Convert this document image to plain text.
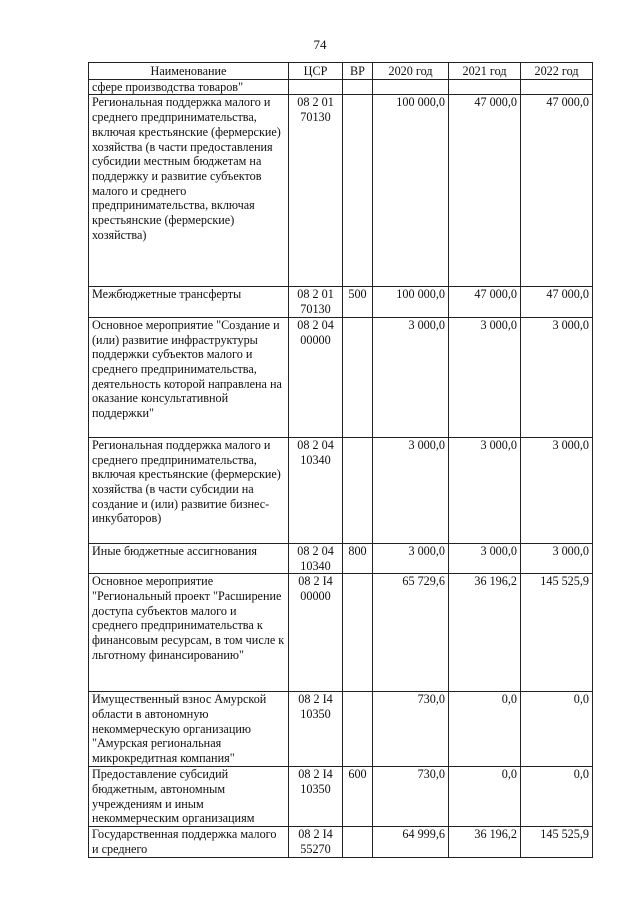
74
Наименование	ЦСР	ВР	2020 год	2021 год	2022 год
сфере производства товаров"					
Региональная поддержка малого и среднего предпринимательства, включая крестьянские (фермерские) хозяйства (в части предоставления субсидии местным бюджетам на поддержку и развитие субъектов малого и среднего предпринимательства, включая крестьянские (фермерские) хозяйства)	08 2 01 70130		100 000,0	47 000,0	47 000,0
Межбюджетные трансферты	08 2 01 70130	500	100 000,0	47 000,0	47 000,0
Основное мероприятие "Создание и (или) развитие инфраструктуры поддержки субъектов малого и среднего предпринимательства, деятельность которой направлена на оказание консультативной поддержки"	08 2 04 00000		3 000,0	3 000,0	3 000,0
Региональная поддержка малого и среднего предпринимательства, включая крестьянские (фермерские) хозяйства (в части субсидии на создание и (или) развитие бизнес-инкубаторов)	08 2 04 10340		3 000,0	3 000,0	3 000,0
Иные бюджетные ассигнования	08 2 04 10340	800	3 000,0	3 000,0	3 000,0
Основное мероприятие "Региональный проект "Расширение доступа субъектов малого и среднего предпринимательства к финансовым ресурсам, в том числе к льготному финансированию"	08 2 I4 00000		65 729,6	36 196,2	145 525,9
Имущественный взнос Амурской области в автономную некоммерческую организацию "Амурская региональная микрокредитная компания"	08 2 I4 10350		730,0	0,0	0,0
Предоставление субсидий бюджетным, автономным учреждениям и иным некоммерческим организациям	08 2 I4 10350	600	730,0	0,0	0,0
Государственная поддержка малого и среднего	08 2 I4 55270		64 999,6	36 196,2	145 525,9
